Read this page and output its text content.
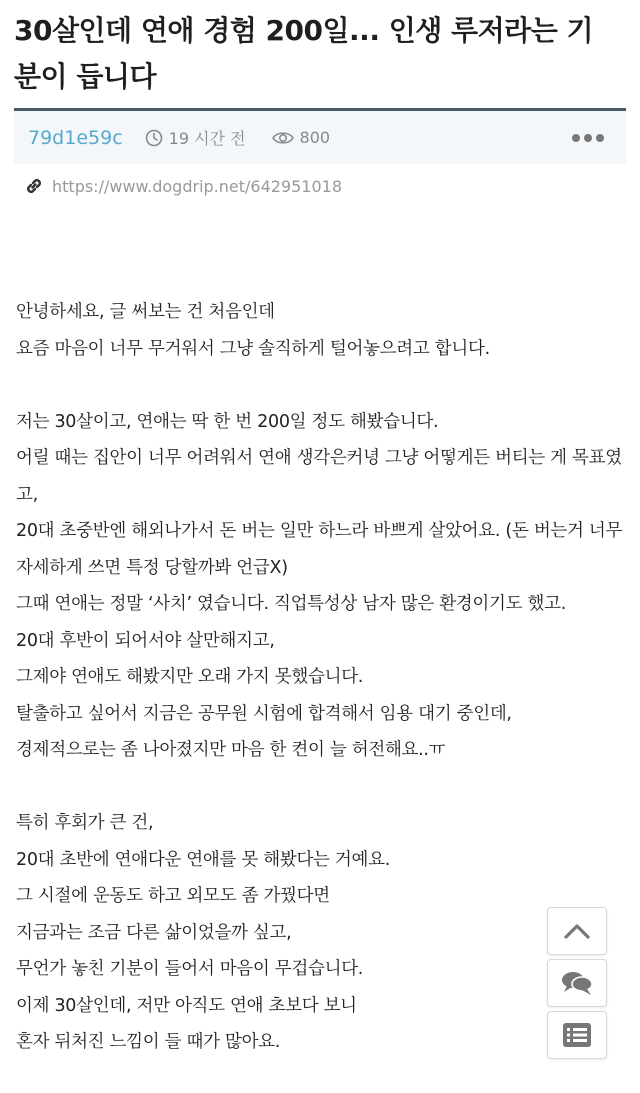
30살인데 연애 경험 200일... 인생 루저라는 기분이 듭니다
79d1e59c	19 시간 전	800
https://www.dogdrip.net/642951018

안녕하세요, 글 써보는 건 처음인데

요즘 마음이 너무 무거워서 그냥 솔직하게 털어놓으려고 합니다.

저는 30살이고, 연애는 딱 한 번 200일 정도 해봤습니다.

어릴 때는 집안이 너무 어려워서 연애 생각은커녕 그냥 어떻게든 버티는 게 목표였고,

20대 초중반엔 해외나가서 돈 버는 일만 하느라 바쁘게 살았어요. (돈 버는거 너무 자세하게 쓰면 특정 당할까봐 언급X)

그때 연애는 정말 ‘사치’ 였습니다. 직업특성상 남자 많은 환경이기도 했고.

20대 후반이 되어서야 살만해지고,

그제야 연애도 해봤지만 오래 가지 못했습니다.

탈출하고 싶어서 지금은 공무원 시험에 합격해서 임용 대기 중인데,

경제적으로는 좀 나아졌지만 마음 한 켠이 늘 허전해요..ㅠ

특히 후회가 큰 건,

20대 초반에 연애다운 연애를 못 해봤다는 거예요.

그 시절에 운동도 하고 외모도 좀 가꿨다면

지금과는 조금 다른 삶이었을까 싶고,

무언가 놓친 기분이 들어서 마음이 무겁습니다.

이제 30살인데, 저만 아직도 연애 초보다 보니

혼자 뒤처진 느낌이 들 때가 많아요.
